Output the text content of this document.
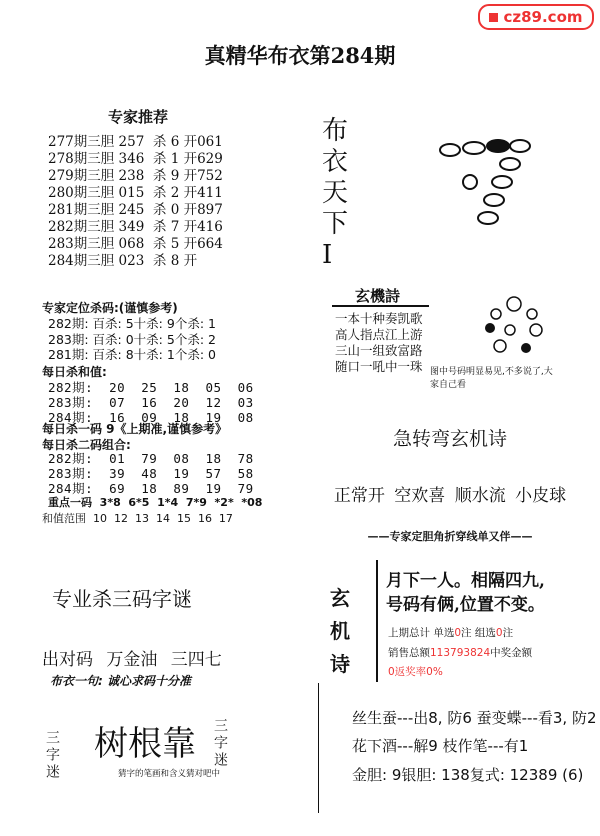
cz89.com
真精华布衣第284期
专家推荐
277期三胆 257  杀 6 开061
278期三胆 346  杀 1 开629
279期三胆 238  杀 9 开752
280期三胆 015  杀 2 开411
281期三胆 245  杀 0 开897
282期三胆 349  杀 7 开416
283期三胆 068  杀 5 开664
284期三胆 023  杀 8 开
专家定位杀码:(谨慎参考)
282期: 百杀: 5十杀: 9个杀: 1
283期: 百杀: 0十杀: 5个杀: 2
281期: 百杀: 8十杀: 1个杀: 0
每日杀和值:
282期:  20  25  18  05  06
283期:  07  16  20  12  03
284期:  16  09  18  19  08
每日杀一码 9《上期准,谨慎参考》
每日杀二码组合:
282期:  01  79  08  18  78
283期:  39  48  19  57  58
284期:  69  18  89  19  79
重点一码  3*8  6*5  1*4  7*9  *2*  *08
和值范围  10  12  13  14  15  16  17
专业杀三码字谜
出对码 万金油 三四七
布衣一句: 诚心求码十分准
三字迷 树根靠 三字迷
猜字的笔画和含义猜对吧中
布衣天下I
玄機詩
一本十种奏凯歌
高人指点江上游
三山一组致富路
随口一吼中一珠 图中号码明显易见,不多说了,大家自己看
急转弯玄机诗
正常开 空欢喜 顺水流 小皮球
——专家定胆角折穿线单又伴——
玄机诗
月下一人。相隔四九,
号码有俩,位置不变。
上期总计 单选0注 组选0注
销售总额113793824中奖金额
0返奖率0%
丝生蚕---出8, 防6 蚕变蝶---看3, 防2
花下酒---解9 枝作笔---有1
金胆: 9银胆: 138复式: 12389 (6)
